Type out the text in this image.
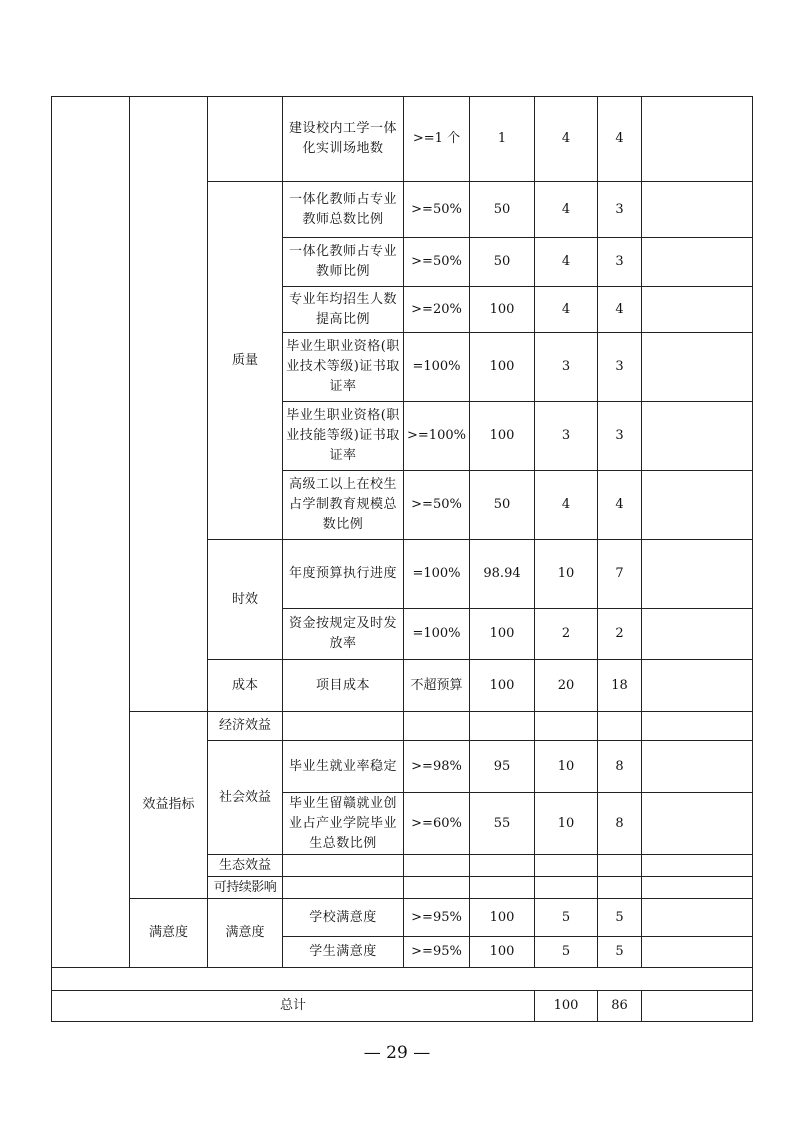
			建设校内工学一体化实训场地数	>=1 个	1	4	4	
		质量	一体化教师占专业教师总数比例	>=50%	50	4	3	
			一体化教师占专业教师比例	>=50%	50	4	3	
			专业年均招生人数提高比例	>=20%	100	4	4	
			毕业生职业资格(职业技术等级)证书取证率	=100%	100	3	3	
			毕业生职业资格(职业技能等级)证书取证率	>=100%	100	3	3	
			高级工以上在校生占学制教育规模总数比例	>=50%	50	4	4	
		时效	年度预算执行进度	=100%	98.94	10	7	
			资金按规定及时发放率	=100%	100	2	2	
		成本	项目成本	不超预算	100	20	18	
	效益指标	经济效益						
		社会效益	毕业生就业率稳定	>=98%	95	10	8	
			毕业生留赣就业创业占产业学院毕业生总数比例	>=60%	55	10	8	
		生态效益						
		可持续影响						
	满意度	满意度	学校满意度	>=95%	100	5	5	
			学生满意度	>=95%	100	5	5	

总计						100	86	
— 29 —
